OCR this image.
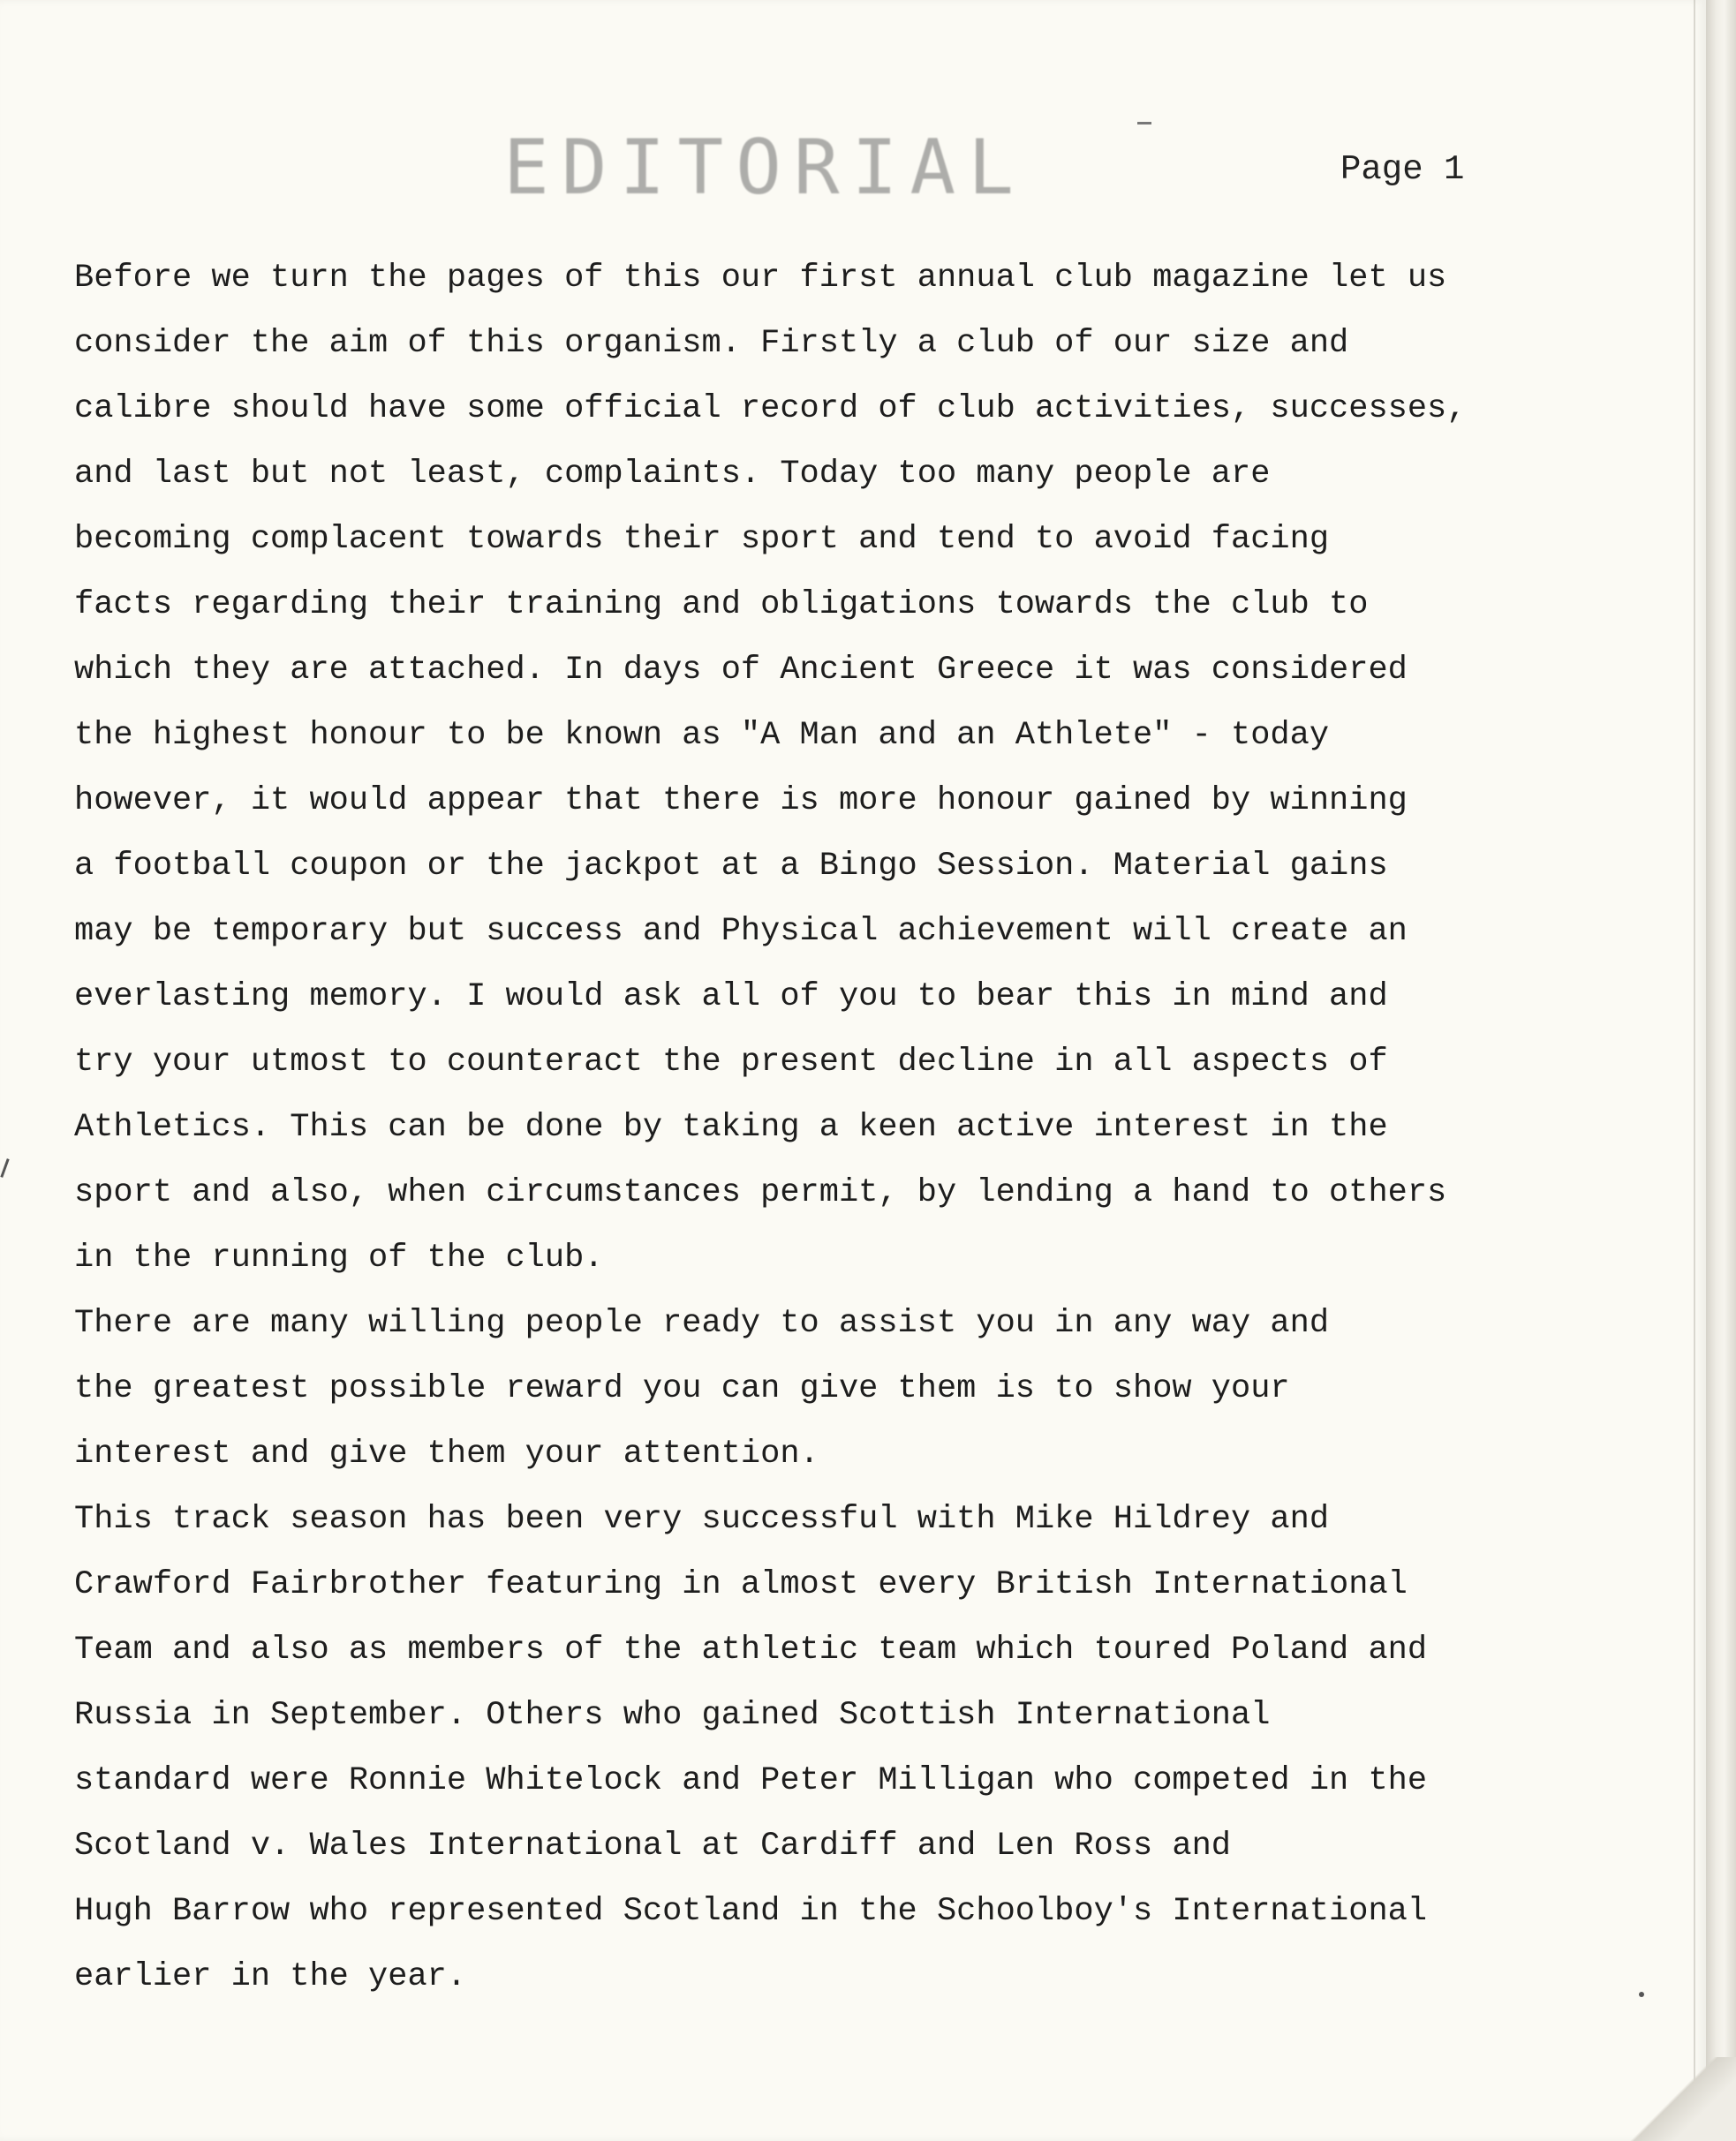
EDITORIAL	Page 1
Before we turn the pages of this our first annual club magazine let us
consider the aim of this organism. Firstly a club of our size and
calibre should have some official record of club activities, successes,
and last but not least, complaints. Today too many people are
becoming complacent towards their sport and tend to avoid facing
facts regarding their training and obligations towards the club to
which they are attached. In days of Ancient Greece it was considered
the highest honour to be known as "A Man and an Athlete" - today
however, it would appear that there is more honour gained by winning
a football coupon or the jackpot at a Bingo Session. Material gains
may be temporary but success and Physical achievement will create an
everlasting memory. I would ask all of you to bear this in mind and
try your utmost to counteract the present decline in all aspects of
Athletics. This can be done by taking a keen active interest in the
sport and also, when circumstances permit, by lending a hand to others
in the running of the club.
There are many willing people ready to assist you in any way and
the greatest possible reward you can give them is to show your
interest and give them your attention.
This track season has been very successful with Mike Hildrey and
Crawford Fairbrother featuring in almost every British International
Team and also as members of the athletic team which toured Poland and
Russia in September. Others who gained Scottish International
standard were Ronnie Whitelock and Peter Milligan who competed in the
Scotland v. Wales International at Cardiff and Len Ross and
Hugh Barrow who represented Scotland in the Schoolboy's International
earlier in the year.
